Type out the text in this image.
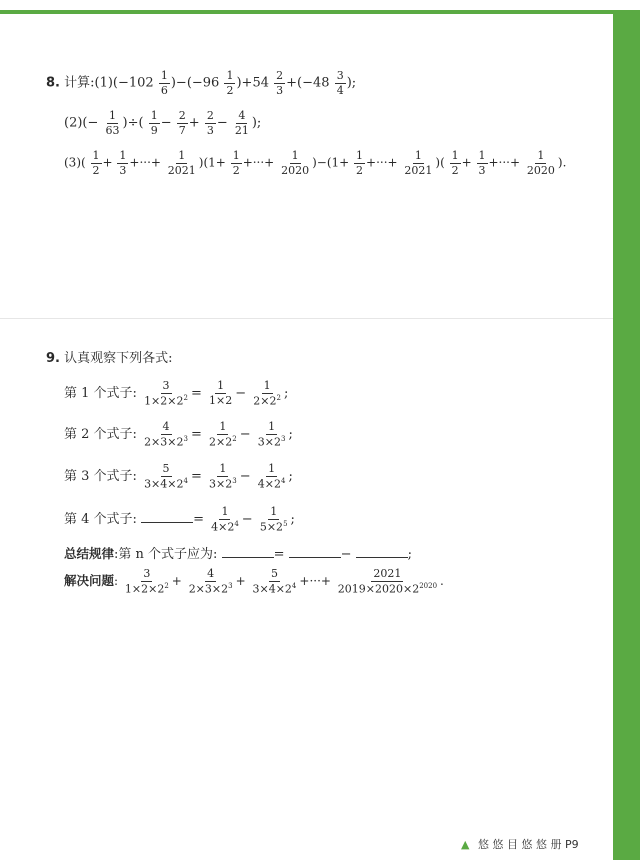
8. 计算:(1)(−102 $\frac{1}{6} )-(-96 \frac{1}{2} )+54 \frac{2}{3} +(-48 \frac{3}{4}$ );
$(2)(- \frac{1}{63}$ )÷( $\frac{1}{9} - \frac{2}{7} + \frac{2}{3} - \frac{4}{21}$ );
$(3)( \frac{1}{2} + \frac{1}{3}$ +···+ $\frac{1}{2021} )(1+ \frac{1}{2}$ +···+ $\frac{1}{2020} )-(1+ \frac{1}{2}$ +···+ $\frac{1}{2021}$ )( $\frac{1}{2} + \frac{1}{3}$ +···+ $\frac{1}{2020}$ ).
9. 认真观察下列各式:
第 1 个式子: $\frac{3}{1\times 2\times 2^2} = \frac{1}{1\times 2} - \frac{1}{2\times 2^2}$ ;
第 2 个式子: $\frac{4}{2\times 3\times 2^3} = \frac{1}{2\times 2^2} - \frac{1}{3\times 2^3}$ ;
第 3 个式子: $\frac{5}{3\times 4\times 2^4} = \frac{1}{3\times 2^3} - \frac{1}{4\times 2^4}$ ;
第 4 个式子:	= $\frac{1}{4\times 2^4} - \frac{1}{5\times 2^5}$ ;
总结规律:第 n 个式子应为:	=	−	;
解决问题: $\frac{3}{1\times 2\times 2^2} + \frac{4}{2\times 3\times 2^3} + \frac{5}{3\times 4\times 2^4}$ +···+ $\frac{2021}{2019\times 2020\times 2^{2020}}$ .
▲ 悠 悠 目 悠 悠 册 P9
